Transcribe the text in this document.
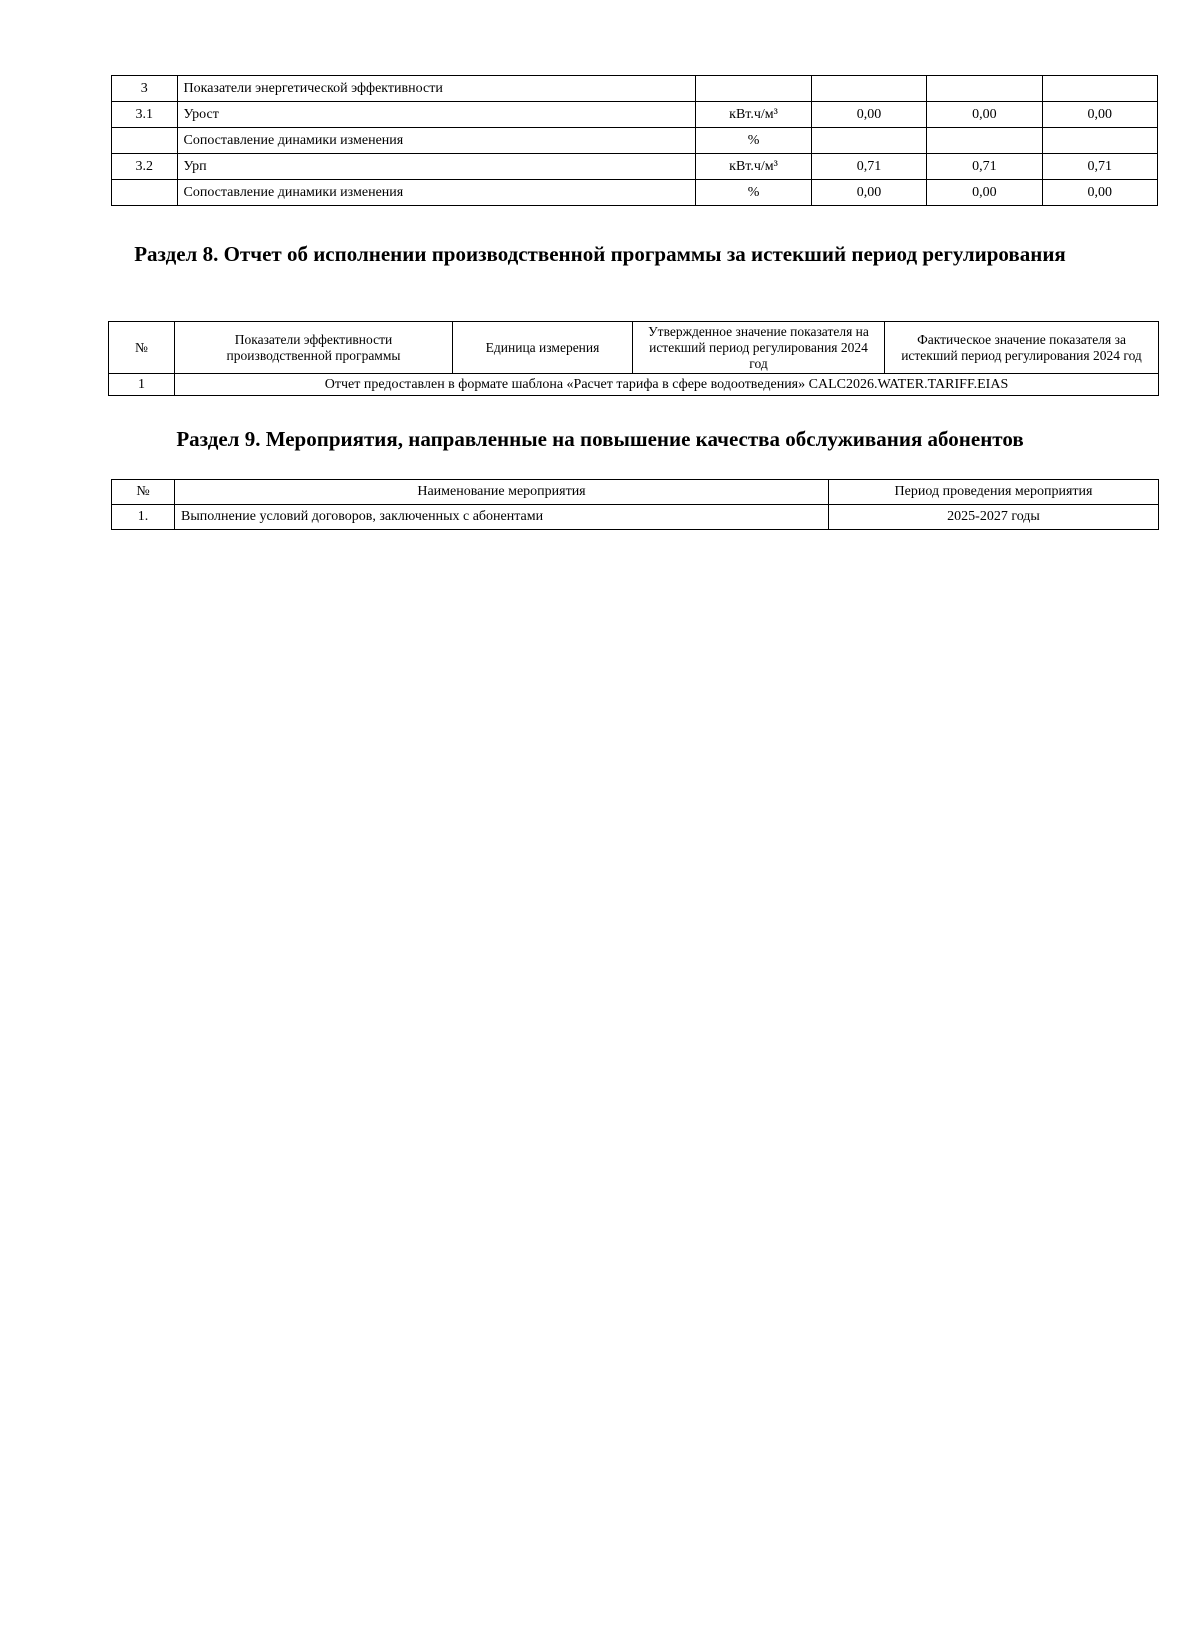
3	Показатели энергетической эффективности				
3.1	Урост	кВт.ч/м³	0,00	0,00	0,00
	Сопоставление динамики изменения	%			
3.2	Урп	кВт.ч/м³	0,71	0,71	0,71
	Сопоставление динамики изменения	%	0,00	0,00	0,00
Раздел 8. Отчет об исполнении производственной программы за истекший период регулирования
№	Показатели эффективности производственной программы	Единица измерения	Утвержденное значение показателя на истекший период регулирования 2024 год	Фактическое значение показателя за истекший период регулирования 2024 год
1	Отчет предоставлен в формате шаблона «Расчет тарифа в сфере водоотведения» CALC2026.WATER.TARIFF.EIAS			
Раздел 9. Мероприятия, направленные на повышение качества обслуживания абонентов
№	Наименование мероприятия	Период проведения мероприятия
1.	Выполнение условий договоров, заключенных с абонентами	2025-2027 годы
